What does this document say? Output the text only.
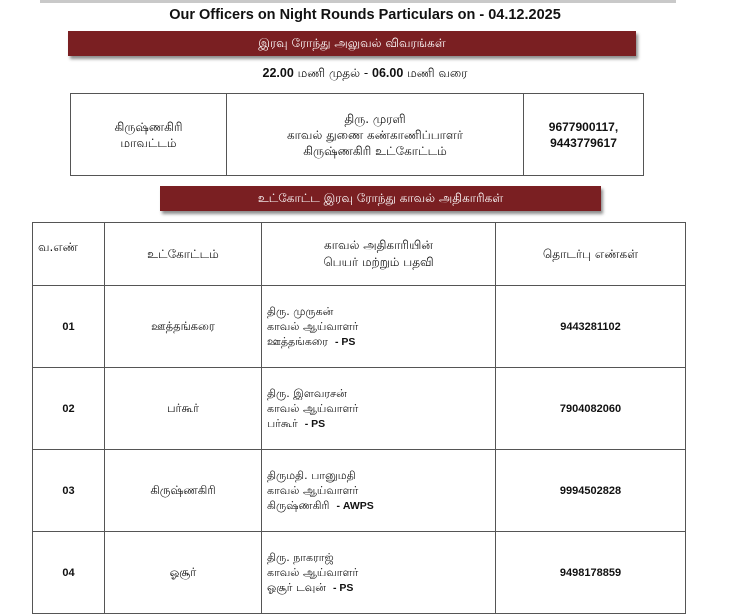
Our Officers on Night Rounds Particulars on - 04.12.2025
இரவு ரோந்து அலுவல் விவரங்கள்
22.00 மணி முதல் - 06.00 மணி வரை
கிருஷ்ணகிரி
மாவட்டம்

திரு. முரளி
காவல் துணை கண்காணிப்பாளர்
கிருஷ்ணகிரி உட்கோட்டம்

9677900117,
9443779617
உட்கோட்ட இரவு ரோந்து காவல் அதிகாரிகள்
வ.எண்	உட்கோட்டம்	காவல் அதிகாரியின்
பெயர் மற்றும் பதவி	தொடர்பு எண்கள்
01	ஊத்தங்கரை	திரு. முருகன்
காவல் ஆய்வாளர்
ஊத்தங்கரை - PS	9443281102
02	பர்கூர்	திரு. இளவரசன்
காவல் ஆய்வாளர்
பர்கூர் - PS	7904082060
03	கிருஷ்ணகிரி	திருமதி. பானுமதி
காவல் ஆய்வாளர்
கிருஷ்ணகிரி - AWPS	9994502828
04	ஓசூர்	திரு. நாகராஜ்
காவல் ஆய்வாளர்
ஓசூர் டவுன் - PS	9498178859
